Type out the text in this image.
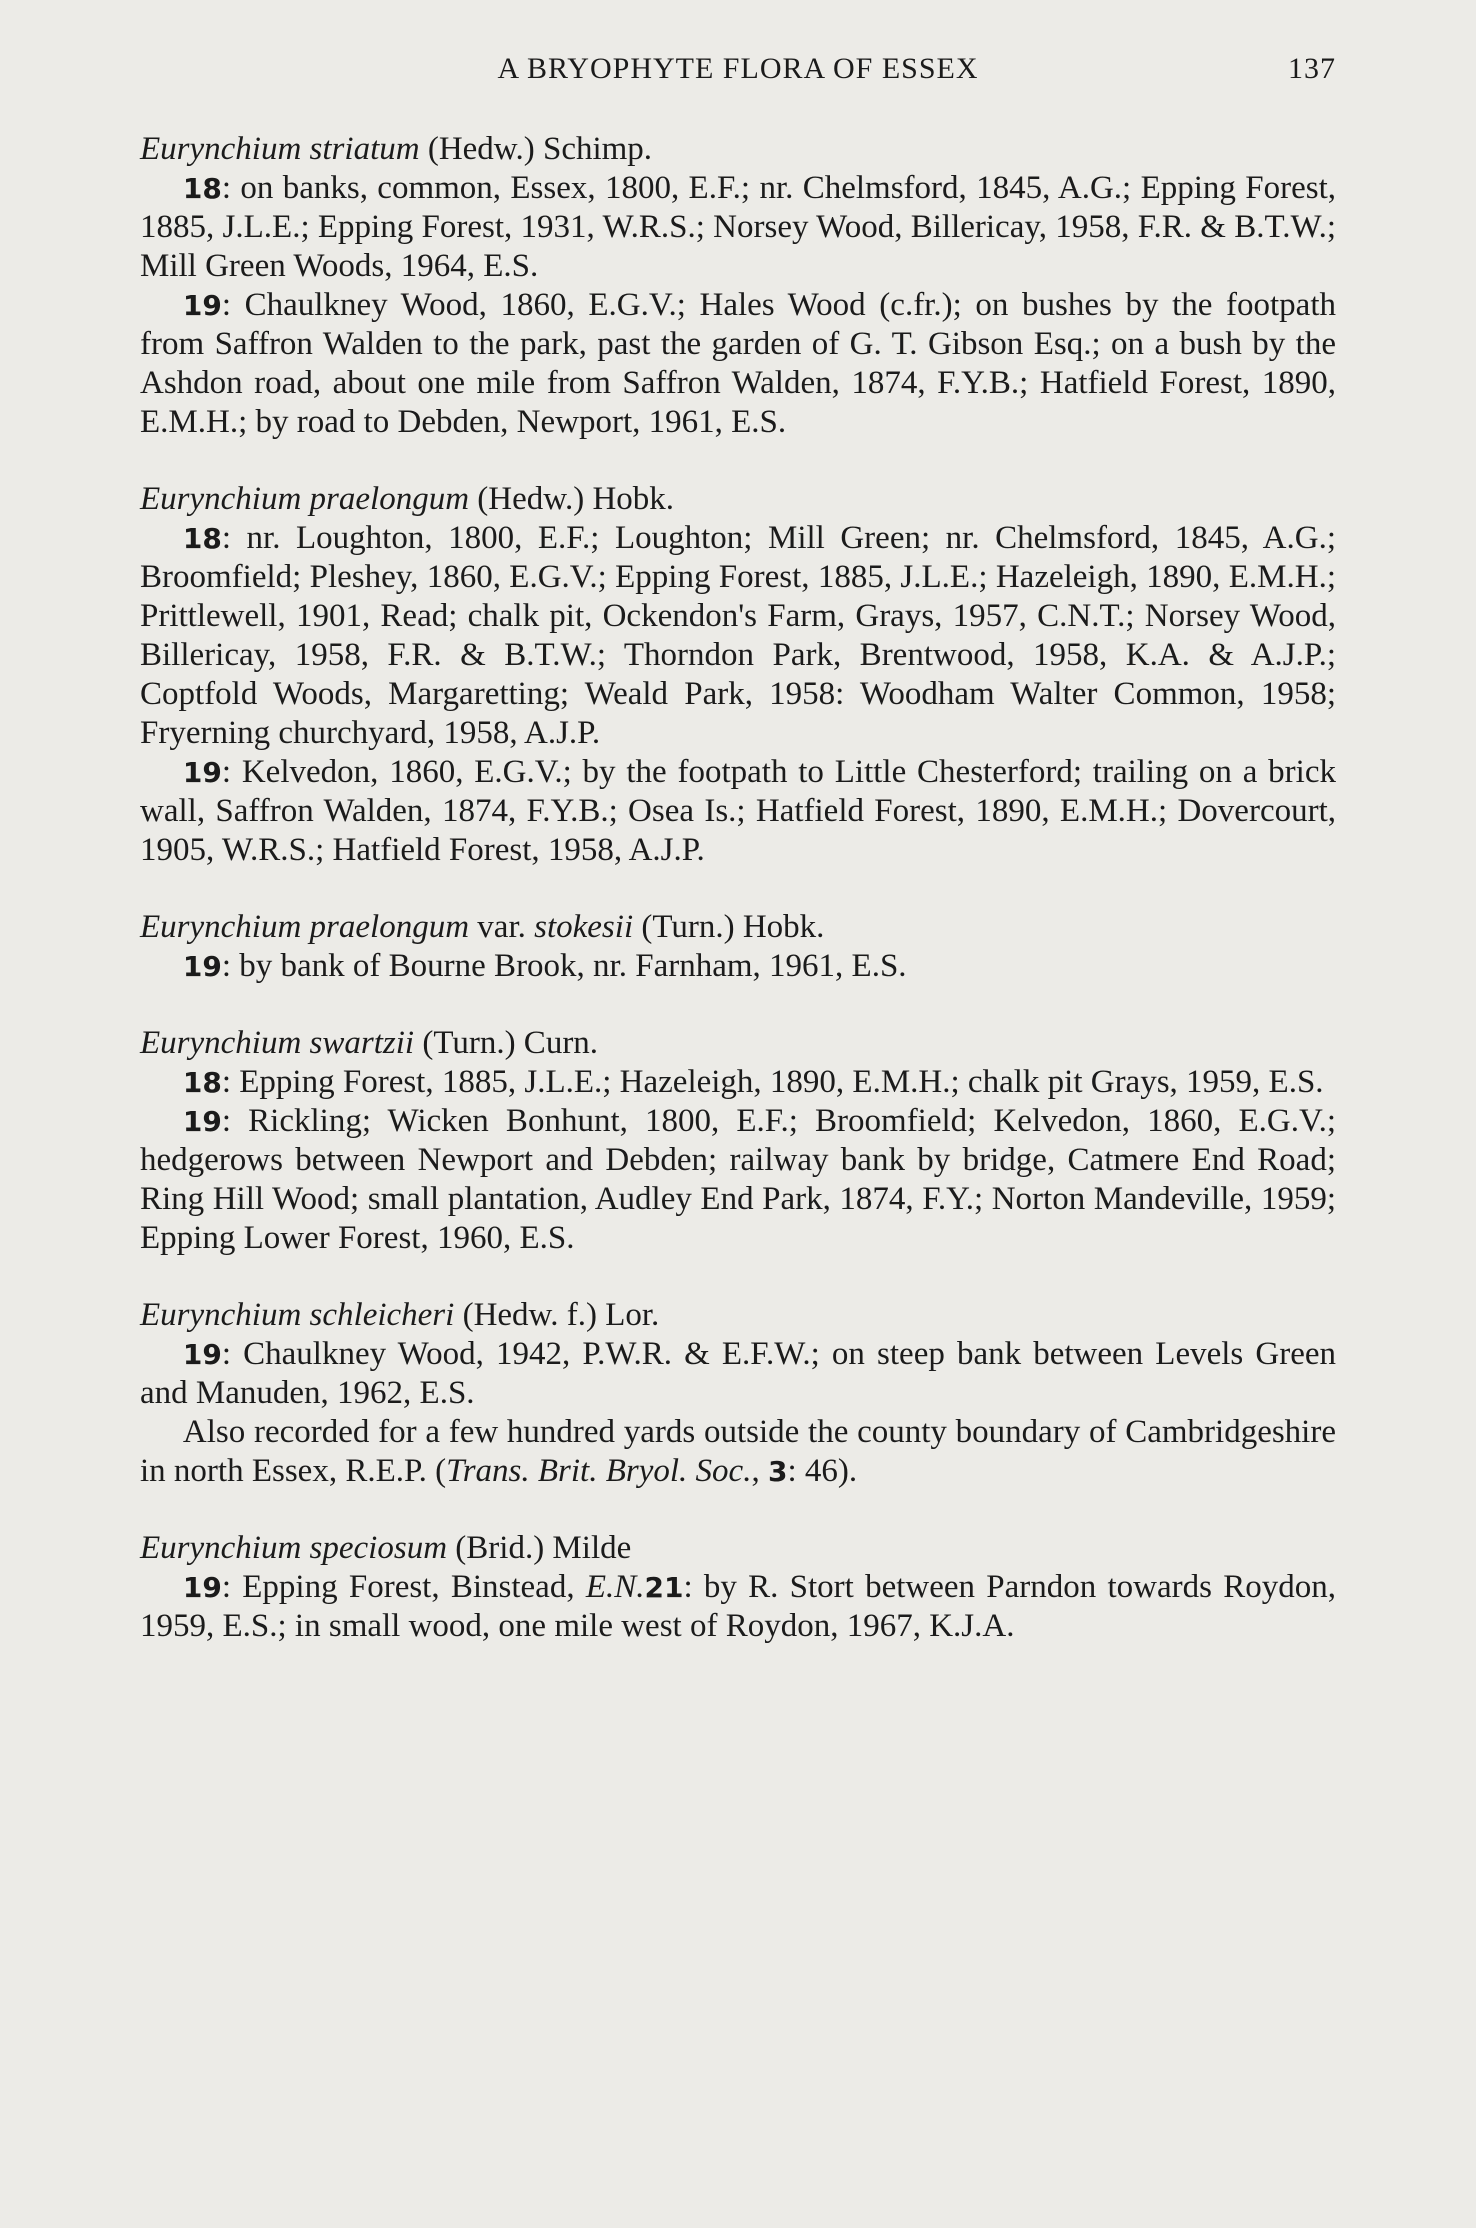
A BRYOPHYTE FLORA OF ESSEX	137

Eurynchium striatum (Hedw.) Schimp.

18: on banks, common, Essex, 1800, E.F.; nr. Chelmsford, 1845, A.G.; Epping Forest, 1885, J.L.E.; Epping Forest, 1931, W.R.S.; Norsey Wood, Billericay, 1958, F.R. & B.T.W.; Mill Green Woods, 1964, E.S.

19: Chaulkney Wood, 1860, E.G.V.; Hales Wood (c.fr.); on bushes by the footpath from Saffron Walden to the park, past the garden of G. T. Gibson Esq.; on a bush by the Ashdon road, about one mile from Saffron Walden, 1874, F.Y.B.; Hatfield Forest, 1890, E.M.H.; by road to Debden, Newport, 1961, E.S.

Eurynchium praelongum (Hedw.) Hobk.

18: nr. Loughton, 1800, E.F.; Loughton; Mill Green; nr. Chelmsford, 1845, A.G.; Broomfield; Pleshey, 1860, E.G.V.; Epping Forest, 1885, J.L.E.; Hazeleigh, 1890, E.M.H.; Prittlewell, 1901, Read; chalk pit, Ockendon's Farm, Grays, 1957, C.N.T.; Norsey Wood, Billericay, 1958, F.R. & B.T.W.; Thorndon Park, Brentwood, 1958, K.A. & A.J.P.; Coptfold Woods, Margaretting; Weald Park, 1958: Woodham Walter Common, 1958; Fryerning churchyard, 1958, A.J.P.

19: Kelvedon, 1860, E.G.V.; by the footpath to Little Chesterford; trailing on a brick wall, Saffron Walden, 1874, F.Y.B.; Osea Is.; Hatfield Forest, 1890, E.M.H.; Dovercourt, 1905, W.R.S.; Hatfield Forest, 1958, A.J.P.

Eurynchium praelongum var. stokesii (Turn.) Hobk.

19: by bank of Bourne Brook, nr. Farnham, 1961, E.S.

Eurynchium swartzii (Turn.) Curn.

18: Epping Forest, 1885, J.L.E.; Hazeleigh, 1890, E.M.H.; chalk pit Grays, 1959, E.S.

19: Rickling; Wicken Bonhunt, 1800, E.F.; Broomfield; Kelvedon, 1860, E.G.V.; hedgerows between Newport and Debden; railway bank by bridge, Catmere End Road; Ring Hill Wood; small plantation, Audley End Park, 1874, F.Y.; Norton Mandeville, 1959; Epping Lower Forest, 1960, E.S.

Eurynchium schleicheri (Hedw. f.) Lor.

19: Chaulkney Wood, 1942, P.W.R. & E.F.W.; on steep bank between Levels Green and Manuden, 1962, E.S.

Also recorded for a few hundred yards outside the county boundary of Cambridgeshire in north Essex, R.E.P. (Trans. Brit. Bryol. Soc., 3: 46).

Eurynchium speciosum (Brid.) Milde

19: Epping Forest, Binstead, E.N.21: by R. Stort between Parndon towards Roydon, 1959, E.S.; in small wood, one mile west of Roydon, 1967, K.J.A.
